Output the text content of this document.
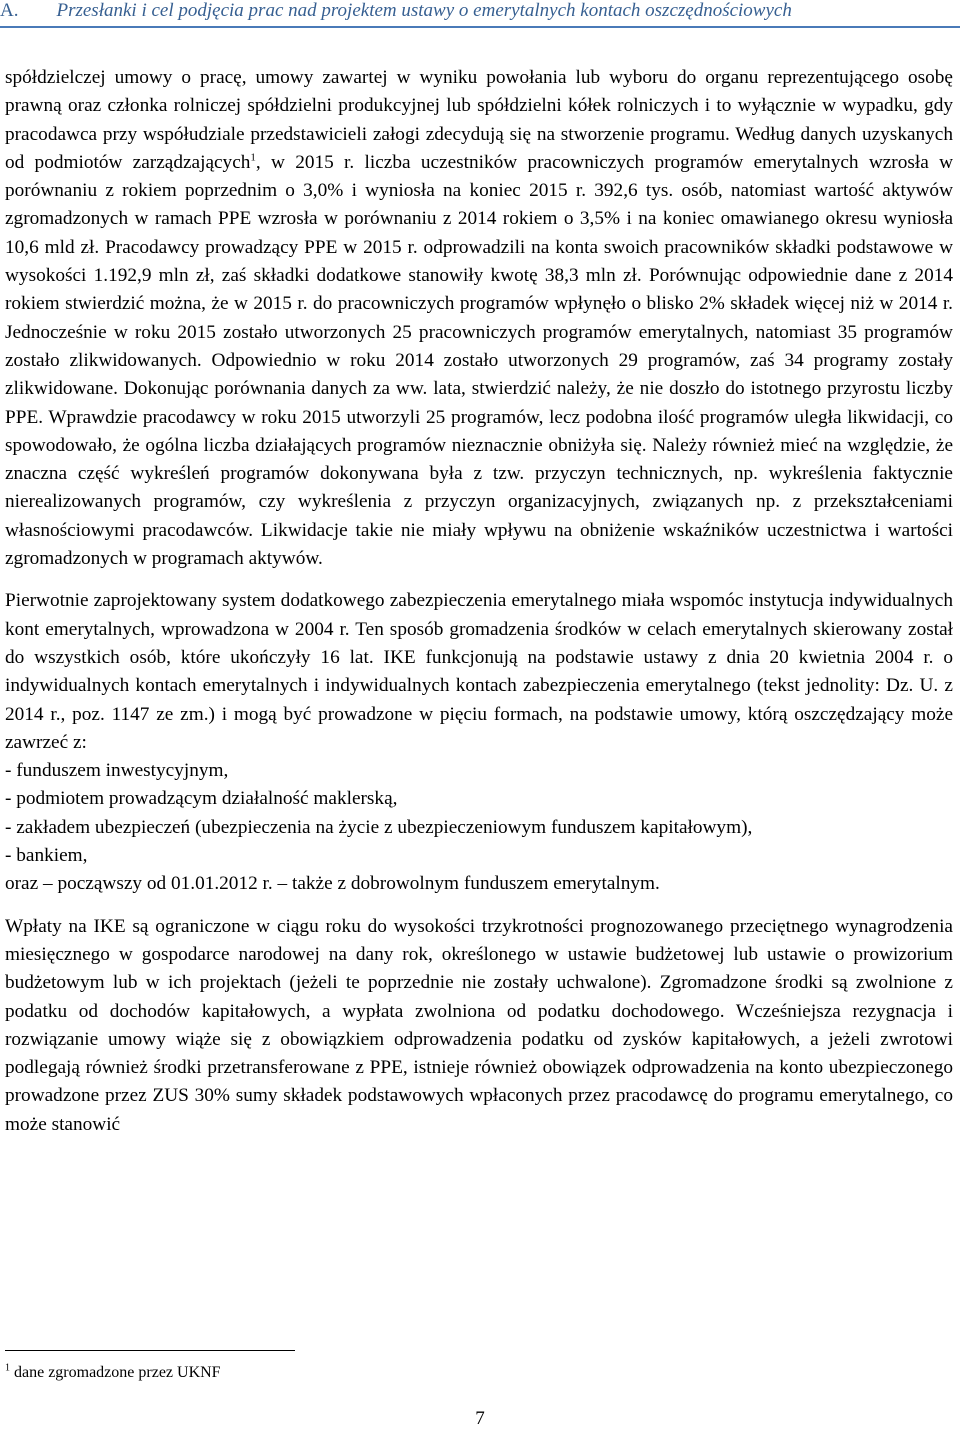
A. Przesłanki i cel podjęcia prac nad projektem ustawy o emerytalnych kontach oszczędnościowych

spółdzielczej umowy o pracę, umowy zawartej w wyniku powołania lub wyboru do organu reprezentującego osobę prawną oraz członka rolniczej spółdzielni produkcyjnej lub spółdzielni kółek rolniczych i to wyłącznie w wypadku, gdy pracodawca przy współudziale przedstawicieli załogi zdecydują się na stworzenie programu. Według danych uzyskanych od podmiotów zarządzających$^1$, w 2015 r. liczba uczestników pracowniczych programów emerytalnych wzrosła w porównaniu z rokiem poprzednim o 3,0% i wyniosła na koniec 2015 r. 392,6 tys. osób, natomiast wartość aktywów zgromadzonych w ramach PPE wzrosła w porównaniu z 2014 rokiem o 3,5% i na koniec omawianego okresu wyniosła 10,6 mld zł. Pracodawcy prowadzący PPE w 2015 r. odprowadzili na konta swoich pracowników składki podstawowe w wysokości 1.192,9 mln zł, zaś składki dodatkowe stanowiły kwotę 38,3 mln zł. Porównując odpowiednie dane z 2014 rokiem stwierdzić można, że w 2015 r. do pracowniczych programów wpłynęło o blisko 2% składek więcej niż w 2014 r. Jednocześnie w roku 2015 zostało utworzonych 25 pracowniczych programów emerytalnych, natomiast 35 programów zostało zlikwidowanych. Odpowiednio w roku 2014 zostało utworzonych 29 programów, zaś 34 programy zostały zlikwidowane. Dokonując porównania danych za ww. lata, stwierdzić należy, że nie doszło do istotnego przyrostu liczby PPE. Wprawdzie pracodawcy w roku 2015 utworzyli 25 programów, lecz podobna ilość programów uległa likwidacji, co spowodowało, że ogólna liczba działających programów nieznacznie obniżyła się. Należy również mieć na względzie, że znaczna część wykreśleń programów dokonywana była z tzw. przyczyn technicznych, np. wykreślenia faktycznie nierealizowanych programów, czy wykreślenia z przyczyn organizacyjnych, związanych np. z przekształceniami własnościowymi pracodawców. Likwidacje takie nie miały wpływu na obniżenie wskaźników uczestnictwa i wartości zgromadzonych w programach aktywów.

Pierwotnie zaprojektowany system dodatkowego zabezpieczenia emerytalnego miała wspomóc instytucja indywidualnych kont emerytalnych, wprowadzona w 2004 r. Ten sposób gromadzenia środków w celach emerytalnych skierowany został do wszystkich osób, które ukończyły 16 lat. IKE funkcjonują na podstawie ustawy z dnia 20 kwietnia 2004 r. o indywidualnych kontach emerytalnych i indywidualnych kontach zabezpieczenia emerytalnego (tekst jednolity: Dz. U. z 2014 r., poz. 1147 ze zm.) i mogą być prowadzone w pięciu formach, na podstawie umowy, którą oszczędzający może zawrzeć z:

- funduszem inwestycyjnym,
- podmiotem prowadzącym działalność maklerską,
- zakładem ubezpieczeń (ubezpieczenia na życie z ubezpieczeniowym funduszem kapitałowym),
- bankiem,
oraz – począwszy od 01.01.2012 r. – także z dobrowolnym funduszem emerytalnym.

Wpłaty na IKE są ograniczone w ciągu roku do wysokości trzykrotności prognozowanego przeciętnego wynagrodzenia miesięcznego w gospodarce narodowej na dany rok, określonego w ustawie budżetowej lub ustawie o prowizorium budżetowym lub w ich projektach (jeżeli te poprzednie nie zostały uchwalone). Zgromadzone środki są zwolnione z podatku od dochodów kapitałowych, a wypłata zwolniona od podatku dochodowego. Wcześniejsza rezygnacja i rozwiązanie umowy wiąże się z obowiązkiem odprowadzenia podatku od zysków kapitałowych, a jeżeli zwrotowi podlegają również środki przetransferowane z PPE, istnieje również obowiązek odprowadzenia na konto ubezpieczonego prowadzone przez ZUS 30% sumy składek podstawowych wpłaconych przez pracodawcę do programu emerytalnego, co może stanowić

$^1$ dane zgromadzone przez UKNF
7
